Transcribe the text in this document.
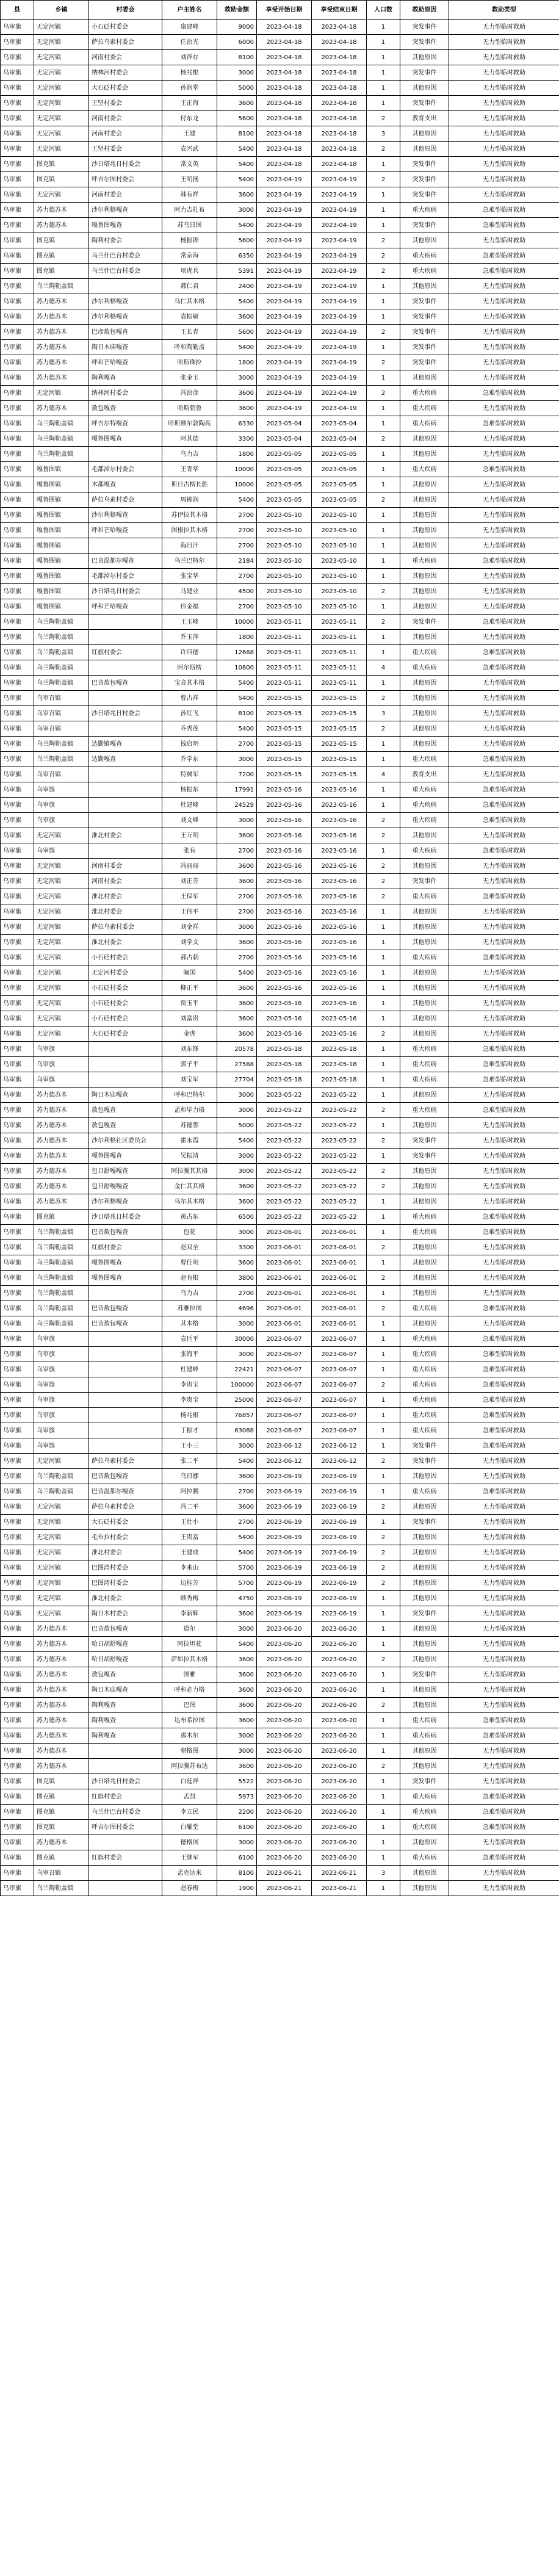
县	乡镇	村委会	户主姓名	救助金额	享受开始日期	享受结束日期	人口数	救助原因	救助类型
乌审旗	无定河镇	小石砭村委会	康建峰	9000	2023-04-18	2023-04-18	1	突发事件	无力型临时救助
乌审旗	无定河镇	萨拉乌素村委会	任治光	6000	2023-04-18	2023-04-18	1	突发事件	无力型临时救助
乌审旗	无定河镇	河南村委会	刘祥存	8100	2023-04-18	2023-04-18	1	其他原因	无力型临时救助
乌审旗	无定河镇	纳林河村委会	杨兆根	3000	2023-04-18	2023-04-18	1	突发事件	无力型临时救助
乌审旗	无定河镇	大石砭村委会	孙润堂	5000	2023-04-18	2023-04-18	1	其他原因	无力型临时救助
乌审旗	无定河镇	王坚村委会	王正海	3600	2023-04-18	2023-04-18	1	突发事件	无力型临时救助
乌审旗	无定河镇	河南村委会	付东龙	5600	2023-04-18	2023-04-18	2	教育支出	无力型临时救助
乌审旗	无定河镇	河南村委会	王建	8100	2023-04-18	2023-04-18	3	其他原因	无力型临时救助
乌审旗	无定河镇	王坚村委会	袁兴武	5400	2023-04-18	2023-04-18	2	其他原因	无力型临时救助
乌审旗	图克镇	沙日塔兆日村委会	常文英	5400	2023-04-18	2023-04-18	1	突发事件	无力型临时救助
乌审旗	图克镇	呼吉尔图村委会	王明扬	5400	2023-04-19	2023-04-19	2	突发事件	无力型临时救助
乌审旗	无定河镇	河南村委会	韩有祥	3600	2023-04-19	2023-04-19	1	突发事件	无力型临时救助
乌审旗	苏力德苏木	沙尔利格嘎查	阿力吉扎布	3000	2023-04-19	2023-04-19	1	重大疾病	急难型临时救助
乌审旗	苏力德苏木	嘎鲁图嘎查	苏乌日图	5400	2023-04-19	2023-04-19	1	突发事件	急难型临时救助
乌审旗	图克镇	陶利村委会	杨振锦	5600	2023-04-19	2023-04-19	2	其他原因	无力型临时救助
乌审旗	图克镇	乌兰什巴台村委会	常京海	6350	2023-04-19	2023-04-19	2	重大疾病	急难型临时救助
乌审旗	图克镇	乌兰什巴台村委会	项虎兵	5391	2023-04-19	2023-04-19	2	重大疾病	急难型临时救助
乌审旗	乌兰陶勒盖镇		郝仁君	2400	2023-04-19	2023-04-19	1	其他原因	无力型临时救助
乌审旗	苏力德苏木	沙尔利格嘎查	乌仁其木格	5400	2023-04-19	2023-04-19	1	突发事件	无力型临时救助
乌审旗	苏力德苏木	沙尔利格嘎查	袁振敏	3600	2023-04-19	2023-04-19	1	突发事件	无力型临时救助
乌审旗	苏力德苏木	巴彦敖包嘎查	王长青	5600	2023-04-19	2023-04-19	2	突发事件	无力型临时救助
乌审旗	苏力德苏木	陶日木庙嘎查	呼和陶勒盖	5400	2023-04-19	2023-04-19	1	突发事件	无力型临时救助
乌审旗	苏力德苏木	呼和芒哈嘎查	哈斯珠拉	1800	2023-04-19	2023-04-19	2	突发事件	无力型临时救助
乌审旗	苏力德苏木	陶利嘎查	张金玉	3000	2023-04-19	2023-04-19	1	其他原因	无力型临时救助
乌审旗	无定河镇	纳林河村委会	冯治彦	3600	2023-04-19	2023-04-19	2	重大疾病	急难型临时救助
乌审旗	苏力德苏木	敖包嘎查	哈斯朝鲁	3600	2023-04-19	2023-04-19	1	重大疾病	无力型临时救助
乌审旗	乌兰陶勒盖镇	呼吉尔特嘎查	哈斯额尔敦陶高	6330	2023-05-04	2023-05-04	1	重大疾病	急难型临时救助
乌审旗	乌兰陶勒盖镇	嘎鲁图嘎查	阿其德	3300	2023-05-04	2023-05-04	2	其他原因	无力型临时救助
乌审旗	乌兰陶勒盖镇		乌力吉	1800	2023-05-05	2023-05-05	1	其他原因	无力型临时救助
乌审旗	嘎鲁图镇	毛都淖尔村委会	王青华	10000	2023-05-05	2023-05-05	1	重大疾病	急难型临时救助
乌审旗	嘎鲁图镇	木都嘎查	斯日古楞长胜	10000	2023-05-05	2023-05-05	1	其他原因	无力型临时救助
乌审旗	嘎鲁图镇	萨拉乌素村委会	周锦润	5400	2023-05-05	2023-05-05	2	其他原因	无力型临时救助
乌审旗	嘎鲁图镇	沙尔利格嘎查	苏伊拉其木格	2700	2023-05-10	2023-05-10	1	其他原因	无力型临时救助
乌审旗	嘎鲁图镇	呼和芒哈嘎查	图根拉其木格	2700	2023-05-10	2023-05-10	1	其他原因	无力型临时救助
乌审旗	嘎鲁图镇		海日汗	2700	2023-05-10	2023-05-10	1	其他原因	无力型临时救助
乌审旗	嘎鲁图镇	巴音温都尔嘎查	乌兰巴特尔	2184	2023-05-10	2023-05-10	1	重大疾病	急难型临时救助
乌审旗	嘎鲁图镇	毛都淖尔村委会	张宝华	2700	2023-05-10	2023-05-10	1	其他原因	无力型临时救助
乌审旗	嘎鲁图镇	沙日塔兆日村委会	马建业	4500	2023-05-10	2023-05-10	2	其他原因	无力型临时救助
乌审旗	嘎鲁图镇	呼和芒哈嘎查	伟金福	2700	2023-05-10	2023-05-10	1	其他原因	无力型临时救助
乌审旗	乌兰陶勒盖镇		王玉峰	10000	2023-05-11	2023-05-11	2	突发事件	急难型临时救助
乌审旗	乌兰陶勒盖镇		乔玉萍	1800	2023-05-11	2023-05-11	1	其他原因	无力型临时救助
乌审旗	乌兰陶勒盖镇	红旗村委会	许四德	12668	2023-05-11	2023-05-11	1	重大疾病	急难型临时救助
乌审旗	乌兰陶勒盖镇		阿尔斯楞	10800	2023-05-11	2023-05-11	4	重大疾病	急难型临时救助
乌审旗	乌兰陶勒盖镇	巴音敖包嘎查	宝音其木格	5400	2023-05-11	2023-05-11	1	其他原因	无力型临时救助
乌审旗	乌审召镇		曹占祥	5400	2023-05-15	2023-05-15	2	其他原因	无力型临时救助
乌审旗	乌审召镇	沙日塔兆日村委会	孙红飞	8100	2023-05-15	2023-05-15	3	其他原因	无力型临时救助
乌审旗	乌审召镇		乔秀莲	5400	2023-05-15	2023-05-15	2	其他原因	无力型临时救助
乌审旗	乌兰陶勒盖镇	达勤镇嘎查	钱启明	2700	2023-05-15	2023-05-15	1	其他原因	无力型临时救助
乌审旗	乌兰陶勒盖镇	达勤嘎查	乔学东	3000	2023-05-15	2023-05-15	1	重大疾病	急难型临时救助
乌审旗	乌审召镇		特冀军	7200	2023-05-15	2023-05-15	4	教育支出	无力型临时救助
乌审旗	乌审旗		杨振东	17991	2023-05-16	2023-05-16	1	重大疾病	急难型临时救助
乌审旗	乌审旗		杜建峰	24529	2023-05-16	2023-05-16	1	重大疾病	急难型临时救助
乌审旗	乌审旗		刘文峰	3000	2023-05-16	2023-05-16	2	重大疾病	急难型临时救助
乌审旗	无定河镇	淮北村委会	王万明	3600	2023-05-16	2023-05-16	2	其他原因	无力型临时救助
乌审旗	乌审旗		张有	2700	2023-05-16	2023-05-16	1	重大疾病	急难型临时救助
乌审旗	无定河镇	河南村委会	冯丽丽	3600	2023-05-16	2023-05-16	2	其他原因	无力型临时救助
乌审旗	无定河镇	河南村委会	刘正芳	3600	2023-05-16	2023-05-16	2	突发事件	无力型临时救助
乌审旗	无定河镇	淮北村委会	王保军	2700	2023-05-16	2023-05-16	2	重大疾病	急难型临时救助
乌审旗	无定河镇	淮北村委会	王伟平	2700	2023-05-16	2023-05-16	1	其他原因	无力型临时救助
乌审旗	无定河镇	萨拉乌素村委会	刘金祥	3000	2023-05-16	2023-05-16	1	其他原因	无力型临时救助
乌审旗	无定河镇	淮北村委会	刘学文	3600	2023-05-16	2023-05-16	1	其他原因	无力型临时救助
乌审旗	无定河镇	小石砭村委会	郝占朝	2700	2023-05-16	2023-05-16	1	重大疾病	急难型临时救助
乌审旗	无定河镇	无定河村委会	阚国	5400	2023-05-16	2023-05-16	1	其他原因	无力型临时救助
乌审旗	无定河镇	小石砭村委会	柳正平	3600	2023-05-16	2023-05-16	1	其他原因	无力型临时救助
乌审旗	无定河镇	小石砭村委会	贾玉平	3600	2023-05-16	2023-05-16	1	其他原因	无力型临时救助
乌审旗	无定河镇	小石砭村委会	刘富贵	3600	2023-05-16	2023-05-16	1	其他原因	无力型临时救助
乌审旗	无定河镇	大石砭村委会	金虎	3600	2023-05-16	2023-05-16	2	其他原因	无力型临时救助
乌审旗	乌审旗		刘东锋	20578	2023-05-18	2023-05-18	1	重大疾病	急难型临时救助
乌审旗	乌审旗		郭子平	27568	2023-05-18	2023-05-18	1	重大疾病	急难型临时救助
乌审旗	乌审旗		刘宝军	27704	2023-05-18	2023-05-18	1	重大疾病	急难型临时救助
乌审旗	苏力德苏木	陶日木庙嘎查	呼和巴特尔	3000	2023-05-22	2023-05-22	1	其他原因	无力型临时救助
乌审旗	苏力德苏木	敖包嘎查	孟和毕力格	3000	2023-05-22	2023-05-22	2	重大疾病	急难型临时救助
乌审旗	苏力德苏木	敖包嘎查	苏德那	5000	2023-05-22	2023-05-22	1	其他原因	无力型临时救助
乌审旗	苏力德苏木	沙尔利格社区委员会	霍永霞	5400	2023-05-22	2023-05-22	2	突发事件	无力型临时救助
乌审旗	苏力德苏木	嘎鲁图嘎查	吴振清	3000	2023-05-22	2023-05-22	1	突发事件	无力型临时救助
乌审旗	苏力德苏木	包日舒嘎嘎查	阿拉腾其其格	3000	2023-05-22	2023-05-22	2	其他原因	无力型临时救助
乌审旗	苏力德苏木	包日舒嘎嘎查	金仁其其格	3600	2023-05-22	2023-05-22	2	其他原因	无力型临时救助
乌审旗	苏力德苏木	沙尔利格嘎查	乌尔其木格	3600	2023-05-22	2023-05-22	1	其他原因	无力型临时救助
乌审旗	图克镇	沙日塔兆日村委会	黄占东	6500	2023-05-22	2023-05-22	1	重大疾病	急难型临时救助
乌审旗	乌兰陶勒盖镇	巴音敖包嘎查	包花	3000	2023-06-01	2023-06-01	1	重大疾病	急难型临时救助
乌审旗	乌兰陶勒盖镇	红旗村委会	赵双全	3300	2023-06-01	2023-06-01	2	其他原因	无力型临时救助
乌审旗	乌兰陶勒盖镇	嘎鲁图嘎查	曹佳明	3600	2023-06-01	2023-06-01	1	其他原因	无力型临时救助
乌审旗	乌兰陶勒盖镇	嘎鲁图嘎查	赵有根	3800	2023-06-01	2023-06-01	2	其他原因	无力型临时救助
乌审旗	乌兰陶勒盖镇		乌力吉	2700	2023-06-01	2023-06-01	1	其他原因	无力型临时救助
乌审旗	乌兰陶勒盖镇	巴音敖包嘎查	苏雅拉图	4696	2023-06-01	2023-06-01	2	重大疾病	急难型临时救助
乌审旗	乌兰陶勒盖镇	巴音敖包嘎查	其木格	3000	2023-06-01	2023-06-01	1	其他原因	无力型临时救助
乌审旗	乌审旗		袁巨平	30000	2023-06-07	2023-06-07	1	重大疾病	急难型临时救助
乌审旗	乌审旗		张海平	3000	2023-06-07	2023-06-07	1	重大疾病	急难型临时救助
乌审旗	乌审旗		杜建峰	22421	2023-06-07	2023-06-07	1	重大疾病	急难型临时救助
乌审旗	乌审旗		李贵宝	100000	2023-06-07	2023-06-07	2	重大疾病	急难型临时救助
乌审旗	乌审旗		李贵宝	25000	2023-06-07	2023-06-07	1	重大疾病	急难型临时救助
乌审旗	乌审旗		杨兆根	76857	2023-06-07	2023-06-07	1	重大疾病	急难型临时救助
乌审旗	乌审旗		丁振才	63088	2023-06-07	2023-06-07	1	重大疾病	急难型临时救助
乌审旗	乌审旗		王小三	3000	2023-06-12	2023-06-12	1	突发事件	急难型临时救助
乌审旗	无定河镇	萨拉乌素村委会	张二平	5400	2023-06-12	2023-06-12	2	突发事件	无力型临时救助
乌审旗	乌兰陶勒盖镇	巴音敖包嘎查	乌日娜	3600	2023-06-19	2023-06-19	1	其他原因	无力型临时救助
乌审旗	乌兰陶勒盖镇	巴音温都尔嘎查	阿拉腾	2700	2023-06-19	2023-06-19	1	重大疾病	急难型临时救助
乌审旗	无定河镇	萨拉乌素村委会	冯二平	3600	2023-06-19	2023-06-19	2	其他原因	无力型临时救助
乌审旗	无定河镇	大石砭村委会	王壮小	2700	2023-06-19	2023-06-19	1	突发事件	无力型临时救助
乌审旗	无定河镇	毛布拉村委会	王贵富	5400	2023-06-19	2023-06-19	2	其他原因	无力型临时救助
乌审旗	无定河镇	淮北村委会	王建成	5400	2023-06-19	2023-06-19	2	其他原因	无力型临时救助
乌审旗	无定河镇	巴图湾村委会	李来山	5700	2023-06-19	2023-06-19	2	其他原因	无力型临时救助
乌审旗	无定河镇	巴图湾村委会	边桂芳	5700	2023-06-19	2023-06-19	2	其他原因	无力型临时救助
乌审旗	无定河镇	淮北村委会	顾秀梅	4750	2023-06-19	2023-06-19	1	其他原因	无力型临时救助
乌审旗	无定河镇	陶日木村委会	李新辉	3600	2023-06-19	2023-06-19	1	突发事件	无力型临时救助
乌审旗	苏力德苏木	巴音敖包嘎查	道尔	3000	2023-06-20	2023-06-20	1	其他原因	无力型临时救助
乌审旗	苏力德苏木	哈日胡舒嘎查	阿拉坦花	5400	2023-06-20	2023-06-20	1	其他原因	无力型临时救助
乌审旗	苏力德苏木	哈日胡舒嘎查	萨如拉其木格	3600	2023-06-20	2023-06-20	2	其他原因	无力型临时救助
乌审旗	苏力德苏木	敖包嘎查	图雅	3600	2023-06-20	2023-06-20	1	突发事件	无力型临时救助
乌审旗	苏力德苏木	陶日木庙嘎查	呼和必力格	3600	2023-06-20	2023-06-20	1	其他原因	无力型临时救助
乌审旗	苏力德苏木	陶利嘎查	巴图	3600	2023-06-20	2023-06-20	2	其他原因	无力型临时救助
乌审旗	苏力德苏木	陶利嘎查	达布希拉图	3600	2023-06-20	2023-06-20	1	重大疾病	急难型临时救助
乌审旗	苏力德苏木	陶利嘎查	那木尔	3000	2023-06-20	2023-06-20	1	重大疾病	急难型临时救助
乌审旗	苏力德苏木		朝格图	3000	2023-06-20	2023-06-20	1	其他原因	无力型临时救助
乌审旗	苏力德苏木		阿拉腾苏布达	3600	2023-06-20	2023-06-20	2	其他原因	无力型临时救助
乌审旗	图克镇	沙日塔兆日村委会	白廷祥	5522	2023-06-20	2023-06-20	1	突发事件	无力型临时救助
乌审旗	图克镇	红旗村委会	孟凯	5973	2023-06-20	2023-06-20	1	重大疾病	急难型临时救助
乌审旗	图克镇	乌兰什巴台村委会	李立民	2200	2023-06-20	2023-06-20	1	重大疾病	急难型临时救助
乌审旗	图克镇	呼吉尔图村委会	白耀堂	6100	2023-06-20	2023-06-20	1	重大疾病	急难型临时救助
乌审旗	苏力德苏木		德格图	3000	2023-06-20	2023-06-20	1	其他原因	无力型临时救助
乌审旗	图克镇	红旗村委会	王继军	6100	2023-06-20	2023-06-20	1	重大疾病	急难型临时救助
乌审旗	乌审召镇		孟克达来	8100	2023-06-21	2023-06-21	3	其他原因	无力型临时救助
乌审旗	乌兰陶勒盖镇		赵春梅	1900	2023-06-21	2023-06-21	1	其他原因	无力型临时救助
